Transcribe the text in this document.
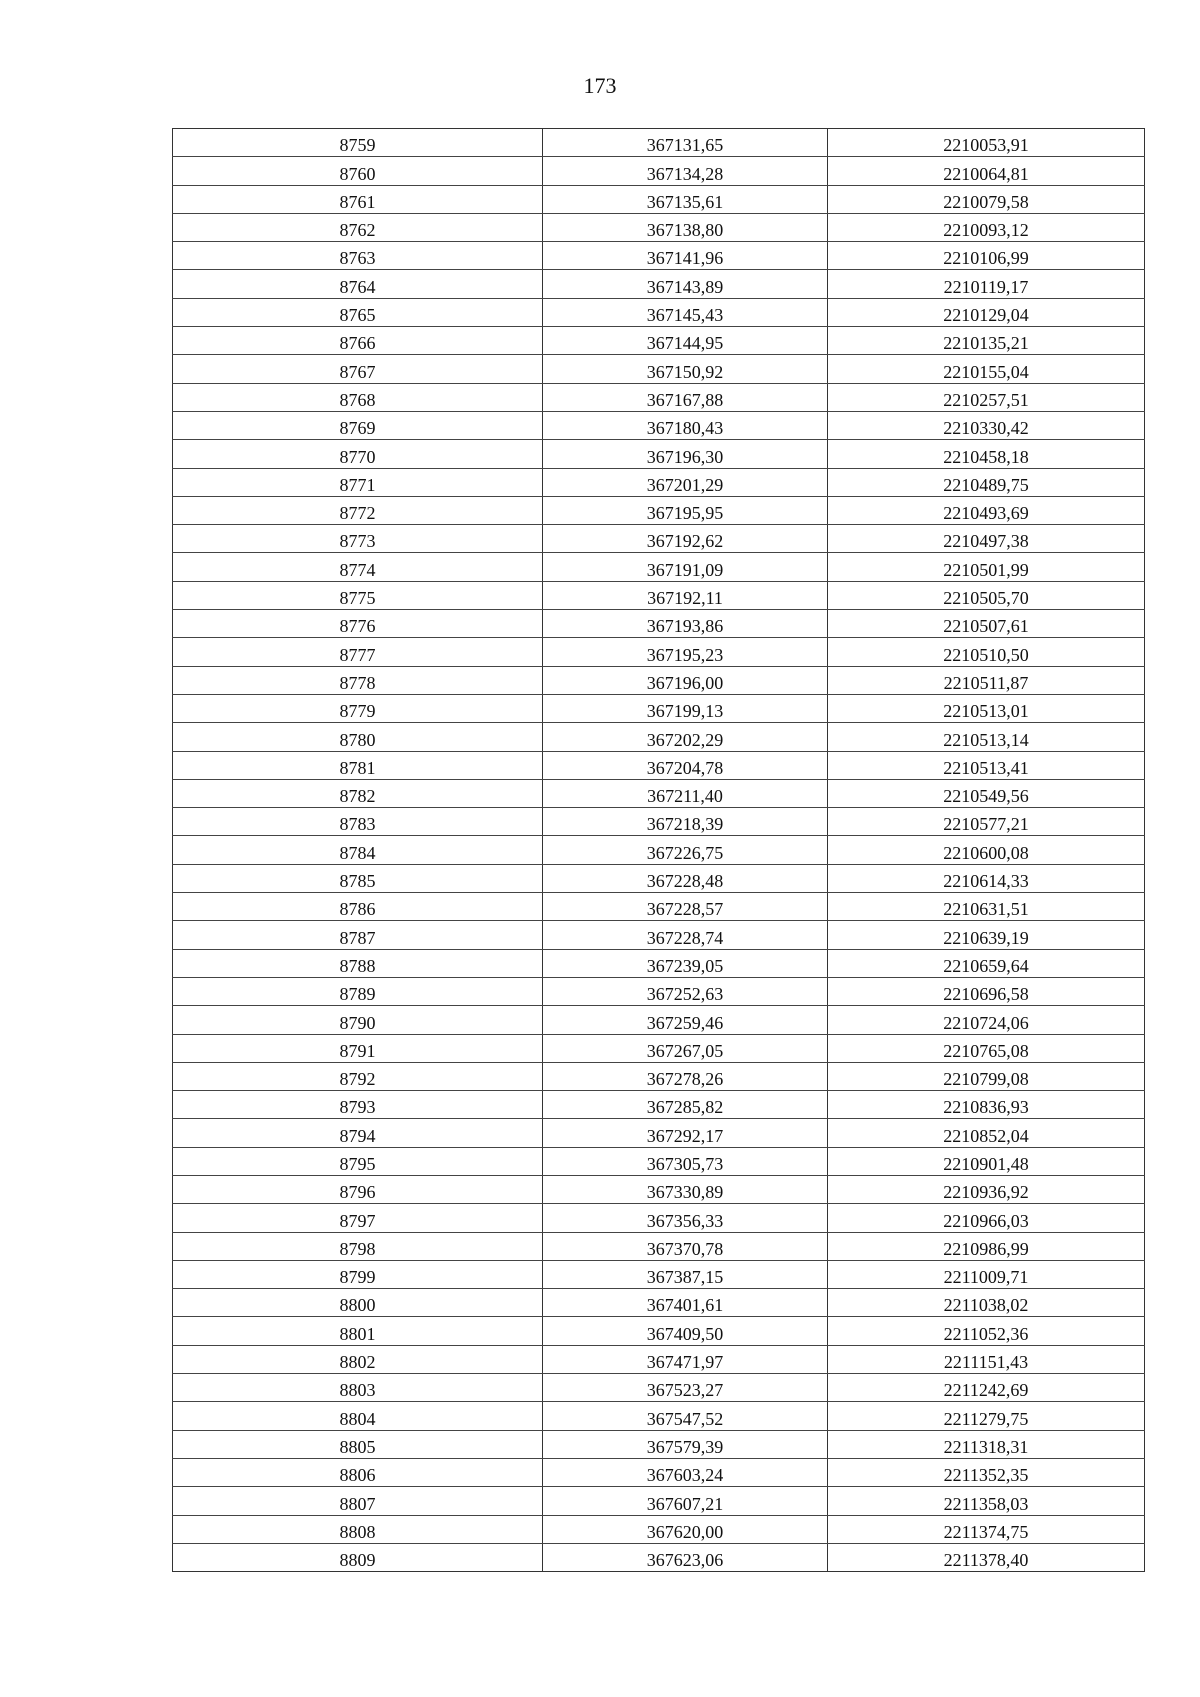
173
8759	367131,65	2210053,91
8760	367134,28	2210064,81
8761	367135,61	2210079,58
8762	367138,80	2210093,12
8763	367141,96	2210106,99
8764	367143,89	2210119,17
8765	367145,43	2210129,04
8766	367144,95	2210135,21
8767	367150,92	2210155,04
8768	367167,88	2210257,51
8769	367180,43	2210330,42
8770	367196,30	2210458,18
8771	367201,29	2210489,75
8772	367195,95	2210493,69
8773	367192,62	2210497,38
8774	367191,09	2210501,99
8775	367192,11	2210505,70
8776	367193,86	2210507,61
8777	367195,23	2210510,50
8778	367196,00	2210511,87
8779	367199,13	2210513,01
8780	367202,29	2210513,14
8781	367204,78	2210513,41
8782	367211,40	2210549,56
8783	367218,39	2210577,21
8784	367226,75	2210600,08
8785	367228,48	2210614,33
8786	367228,57	2210631,51
8787	367228,74	2210639,19
8788	367239,05	2210659,64
8789	367252,63	2210696,58
8790	367259,46	2210724,06
8791	367267,05	2210765,08
8792	367278,26	2210799,08
8793	367285,82	2210836,93
8794	367292,17	2210852,04
8795	367305,73	2210901,48
8796	367330,89	2210936,92
8797	367356,33	2210966,03
8798	367370,78	2210986,99
8799	367387,15	2211009,71
8800	367401,61	2211038,02
8801	367409,50	2211052,36
8802	367471,97	2211151,43
8803	367523,27	2211242,69
8804	367547,52	2211279,75
8805	367579,39	2211318,31
8806	367603,24	2211352,35
8807	367607,21	2211358,03
8808	367620,00	2211374,75
8809	367623,06	2211378,40
